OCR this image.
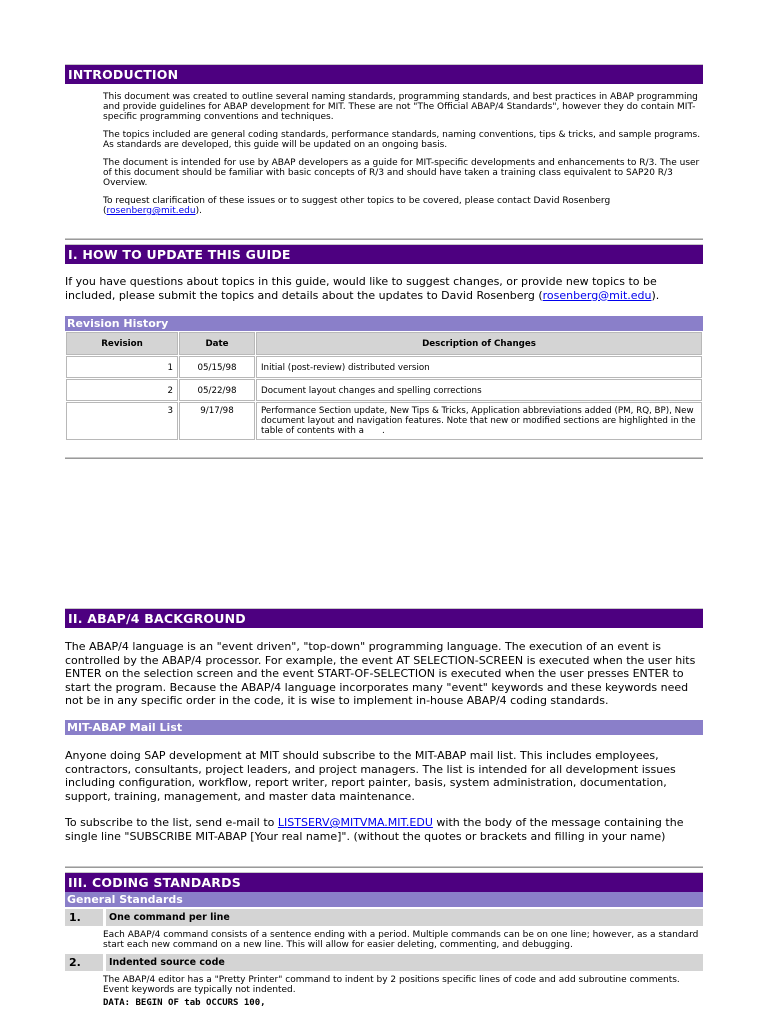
INTRODUCTION

This document was created to outline several naming standards, programming standards, and best practices in ABAP programming and provide guidelines for ABAP development for MIT. These are not "The Official ABAP/4 Standards", however they do contain MIT-specific programming conventions and techniques.

The topics included are general coding standards, performance standards, naming conventions, tips & tricks, and sample programs. As standards are developed, this guide will be updated on an ongoing basis.

The document is intended for use by ABAP developers as a guide for MIT-specific developments and enhancements to R/3. The user of this document should be familiar with basic concepts of R/3 and should have taken a training class equivalent to SAP20 R/3 Overview.

To request clarification of these issues or to suggest other topics to be covered, please contact David Rosenberg (rosenberg@mit.edu).

I. HOW TO UPDATE THIS GUIDE

If you have questions about topics in this guide, would like to suggest changes, or provide new topics to be included, please submit the topics and details about the updates to David Rosenberg (rosenberg@mit.edu).

Revision History
Revision	Date	Description of Changes
1	05/15/98	Initial (post-review) distributed version
2	05/22/98	Document layout changes and spelling corrections
3	9/17/98	Performance Section update, New Tips & Tricks, Application abbreviations added (PM, RQ, BP), New document layout and navigation features. Note that new or modified sections are highlighted in the table of contents with a .
II. ABAP/4 BACKGROUND

The ABAP/4 language is an "event driven", "top-down" programming language. The execution of an event is controlled by the ABAP/4 processor. For example, the event AT SELECTION-SCREEN is executed when the user hits ENTER on the selection screen and the event START-OF-SELECTION is executed when the user presses ENTER to start the program. Because the ABAP/4 language incorporates many "event" keywords and these keywords need not be in any specific order in the code, it is wise to implement in-house ABAP/4 coding standards.

MIT-ABAP Mail List

Anyone doing SAP development at MIT should subscribe to the MIT-ABAP mail list. This includes employees, contractors, consultants, project leaders, and project managers. The list is intended for all development issues including configuration, workflow, report writer, report painter, basis, system administration, documentation, support, training, management, and master data maintenance.

To subscribe to the list, send e-mail to LISTSERV@MITVMA.MIT.EDU with the body of the message containing the single line "SUBSCRIBE MIT-ABAP [Your real name]". (without the quotes or brackets and filling in your name)

III. CODING STANDARDS
General Standards
1.	One command per line

Each ABAP/4 command consists of a sentence ending with a period. Multiple commands can be on one line; however, as a standard start each new command on a new line. This will allow for easier deleting, commenting, and debugging.

2.	Indented source code

The ABAP/4 editor has a "Pretty Printer" command to indent by 2 positions specific lines of code and add subroutine comments. Event keywords are typically not indented.

DATA: BEGIN OF tab OCCURS 100,
